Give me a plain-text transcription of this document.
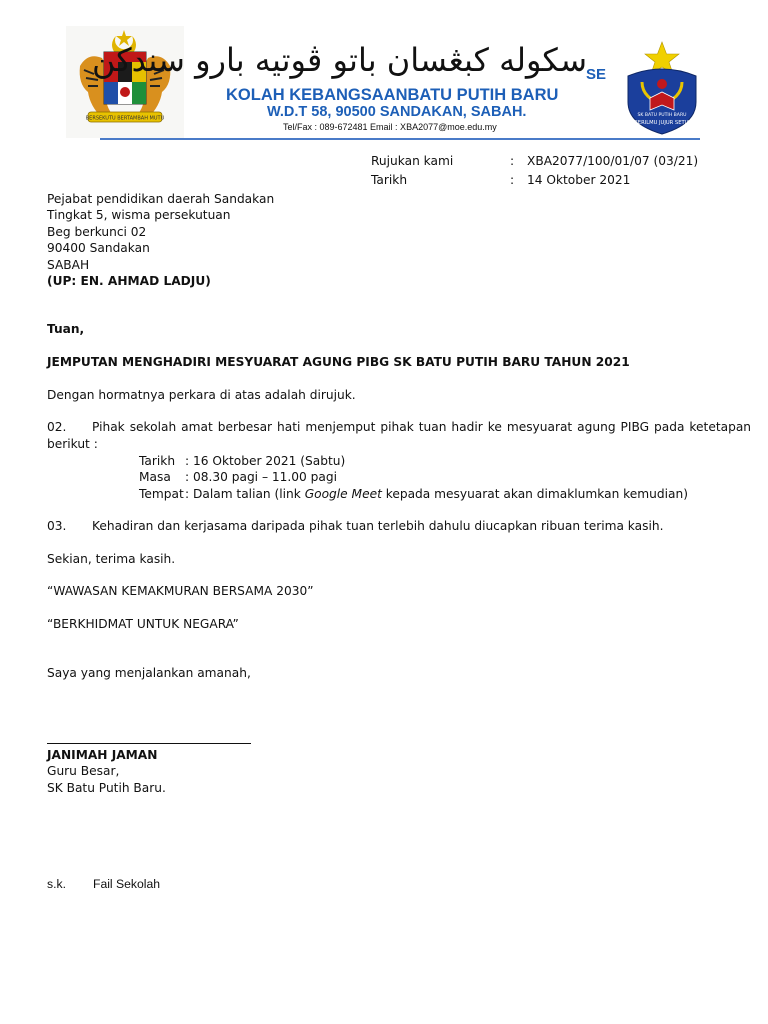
BERSEKUTU BERTAMBAH MUTU
سكوله كبڠسان باتو ڤوتيه بارو سندكن SE
KOLAH KEBANGSAANBATU PUTIH BARU
W.D.T 58, 90500 SANDAKAN, SABAH.
Tel/Fax : 089-672481 Email : XBA2077@moe.edu.my	BERILMU JUJUR SETIA
SK BATU PUTIH BARU
Rujukan kami	: XBA2077/100/01/07 (03/21)
Tarikh	: 14 Oktober 2021
Pejabat pendidikan daerah Sandakan
Tingkat 5, wisma persekutuan
Beg berkunci 02
90400 Sandakan
SABAH
(UP: EN. AHMAD LADJU)
Tuan,
JEMPUTAN MENGHADIRI MESYUARAT AGUNG PIBG SK BATU PUTIH BARU TAHUN 2021
Dengan hormatnya perkara di atas adalah dirujuk.
02. Pihak sekolah amat berbesar hati menjemput pihak tuan hadir ke mesyuarat agung PIBG pada ketetapan
berikut :
Tarikh : 16 Oktober 2021 (Sabtu)
Masa : 08.30 pagi – 11.00 pagi
Tempat : Dalam talian (link Google Meet kepada mesyuarat akan dimaklumkan kemudian)
03. Kehadiran dan kerjasama daripada pihak tuan terlebih dahulu diucapkan ribuan terima kasih.
Sekian, terima kasih.
“WAWASAN KEMAKMURAN BERSAMA 2030”
“BERKHIDMAT UNTUK NEGARA”
Saya yang menjalankan amanah,
JANIMAH JAMAN
Guru Besar,
SK Batu Putih Baru.
s.k. Fail Sekolah
